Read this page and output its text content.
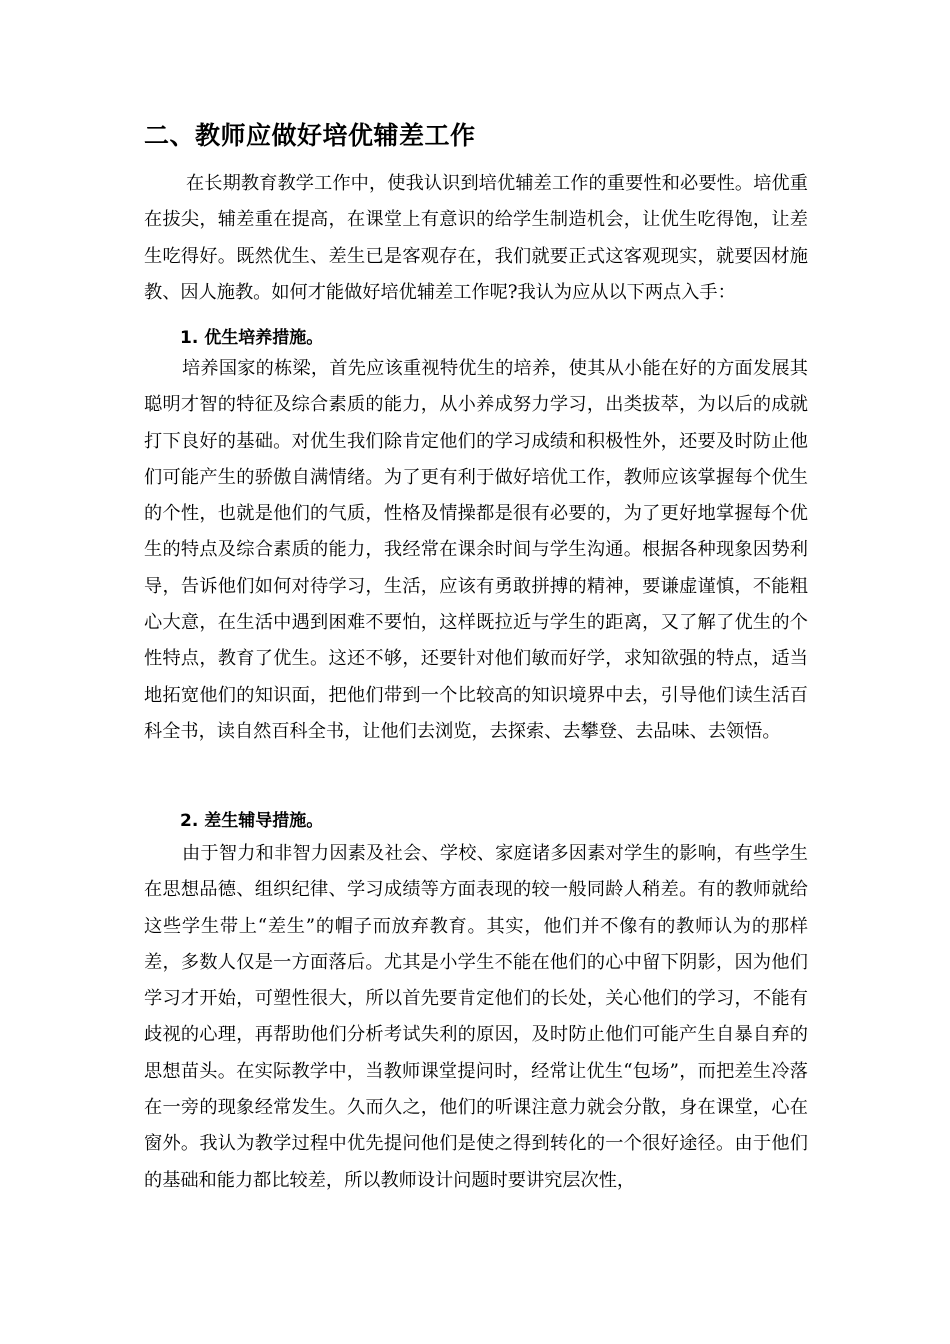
二、教师应做好培优辅差工作
在长期教育教学工作中，使我认识到培优辅差工作的重要性和必要性。培优重在拔尖，辅差重在提高，在课堂上有意识的给学生制造机会，让优生吃得饱，让差生吃得好。既然优生、差生已是客观存在，我们就要正式这客观现实，就要因材施教、因人施教。如何才能做好培优辅差工作呢?我认为应从以下两点入手：
1. 优生培养措施。
培养国家的栋梁，首先应该重视特优生的培养，使其从小能在好的方面发展其聪明才智的特征及综合素质的能力，从小养成努力学习，出类拔萃，为以后的成就打下良好的基础。对优生我们除肯定他们的学习成绩和积极性外，还要及时防止他们可能产生的骄傲自满情绪。为了更有利于做好培优工作，教师应该掌握每个优生的个性，也就是他们的气质，性格及情操都是很有必要的，为了更好地掌握每个优生的特点及综合素质的能力，我经常在课余时间与学生沟通。根据各种现象因势利导，告诉他们如何对待学习，生活，应该有勇敢拼搏的精神，要谦虚谨慎，不能粗心大意，在生活中遇到困难不要怕，这样既拉近与学生的距离，又了解了优生的个性特点，教育了优生。这还不够，还要针对他们敏而好学，求知欲强的特点，适当地拓宽他们的知识面，把他们带到一个比较高的知识境界中去，引导他们读生活百科全书，读自然百科全书，让他们去浏览，去探索、去攀登、去品味、去领悟。
2. 差生辅导措施。
由于智力和非智力因素及社会、学校、家庭诸多因素对学生的影响，有些学生在思想品德、组织纪律、学习成绩等方面表现的较一般同龄人稍差。有的教师就给这些学生带上“差生”的帽子而放弃教育。其实，他们并不像有的教师认为的那样差，多数人仅是一方面落后。尤其是小学生不能在他们的心中留下阴影，因为他们学习才开始，可塑性很大，所以首先要肯定他们的长处，关心他们的学习，不能有歧视的心理，再帮助他们分析考试失利的原因，及时防止他们可能产生自暴自弃的思想苗头。在实际教学中，当教师课堂提问时，经常让优生“包场”，而把差生冷落在一旁的现象经常发生。久而久之，他们的听课注意力就会分散，身在课堂，心在窗外。我认为教学过程中优先提问他们是使之得到转化的一个很好途径。由于他们的基础和能力都比较差，所以教师设计问题时要讲究层次性，
